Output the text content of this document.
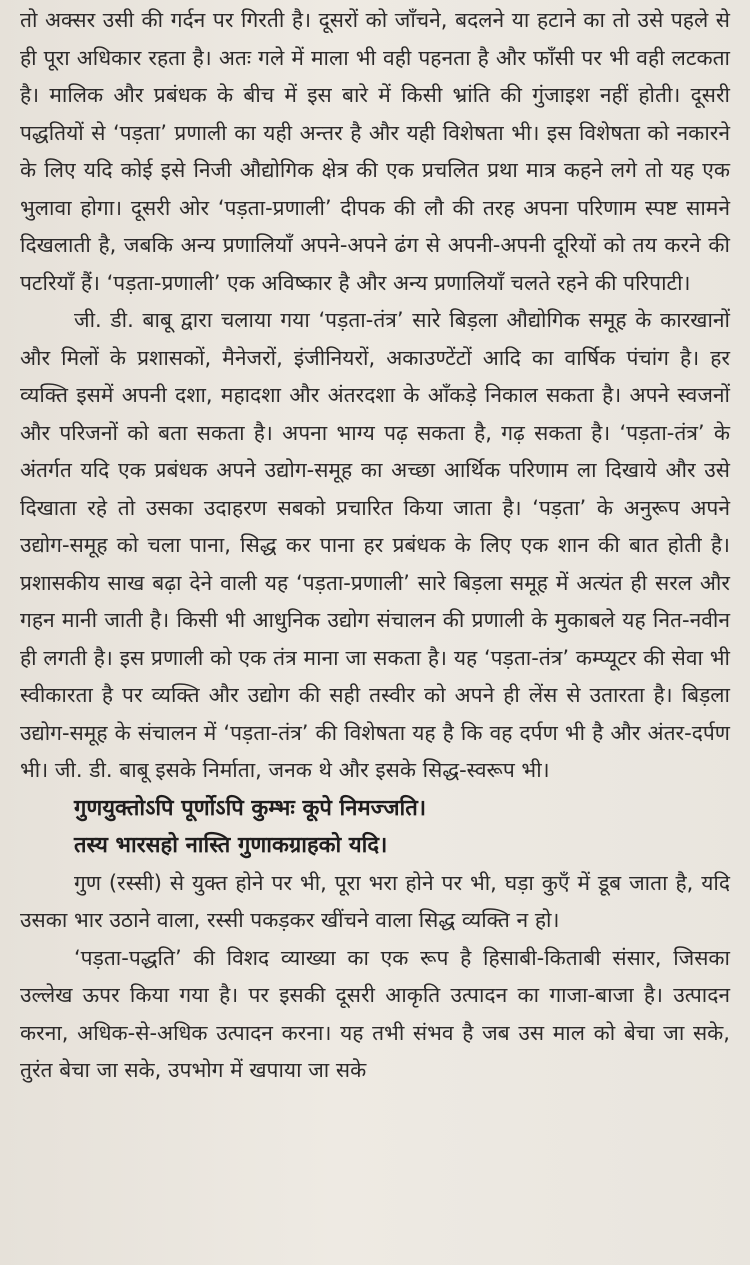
तो अक्सर उसी की गर्दन पर गिरती है। दूसरों को जाँचने, बदलने या हटाने का तो उसे पहले से ही पूरा अधिकार रहता है। अतः गले में माला भी वही पहनता है और फाँसी पर भी वही लटकता है। मालिक और प्रबंधक के बीच में इस बारे में किसी भ्रांति की गुंजाइश नहीं होती। दूसरी पद्धतियों से ‘पड़ता’ प्रणाली का यही अन्तर है और यही विशेषता भी। इस विशेषता को नकारने के लिए यदि कोई इसे निजी औद्योगिक क्षेत्र की एक प्रचलित प्रथा मात्र कहने लगे तो यह एक भुलावा होगा। दूसरी ओर ‘पड़ता-प्रणाली’ दीपक की लौ की तरह अपना परिणाम स्पष्ट सामने दिखलाती है, जबकि अन्य प्रणालियाँ अपने-अपने ढंग से अपनी-अपनी दूरियों को तय करने की पटरियाँ हैं। ‘पड़ता-प्रणाली’ एक अविष्कार है और अन्य प्रणालियाँ चलते रहने की परिपाटी।

जी. डी. बाबू द्वारा चलाया गया ‘पड़ता-तंत्र’ सारे बिड़ला औद्योगिक समूह के कारखानों और मिलों के प्रशासकों, मैनेजरों, इंजीनियरों, अकाउण्टेंटों आदि का वार्षिक पंचांग है। हर व्यक्ति इसमें अपनी दशा, महादशा और अंतरदशा के आँकड़े निकाल सकता है। अपने स्वजनों और परिजनों को बता सकता है। अपना भाग्य पढ़ सकता है, गढ़ सकता है। ‘पड़ता-तंत्र’ के अंतर्गत यदि एक प्रबंधक अपने उद्योग-समूह का अच्छा आर्थिक परिणाम ला दिखाये और उसे दिखाता रहे तो उसका उदाहरण सबको प्रचारित किया जाता है। ‘पड़ता’ के अनुरूप अपने उद्योग-समूह को चला पाना, सिद्ध कर पाना हर प्रबंधक के लिए एक शान की बात होती है। प्रशासकीय साख बढ़ा देने वाली यह ‘पड़ता-प्रणाली’ सारे बिड़ला समूह में अत्यंत ही सरल और गहन मानी जाती है। किसी भी आधुनिक उद्योग संचालन की प्रणाली के मुकाबले यह नित-नवीन ही लगती है। इस प्रणाली को एक तंत्र माना जा सकता है। यह ‘पड़ता-तंत्र’ कम्प्यूटर की सेवा भी स्वीकारता है पर व्यक्ति और उद्योग की सही तस्वीर को अपने ही लेंस से उतारता है। बिड़ला उद्योग-समूह के संचालन में ‘पड़ता-तंत्र’ की विशेषता यह है कि वह दर्पण भी है और अंतर-दर्पण भी। जी. डी. बाबू इसके निर्माता, जनक थे और इसके सिद्ध-स्वरूप भी।

गुणयुक्तोऽपि पूर्णोऽपि कुम्भः कूपे निमज्जति।
तस्य भारसहो नास्ति गुणाकग्राहको यदि।

गुण (रस्सी) से युक्त होने पर भी, पूरा भरा होने पर भी, घड़ा कुएँ में डूब जाता है, यदि उसका भार उठाने वाला, रस्सी पकड़कर खींचने वाला सिद्ध व्यक्ति न हो।

‘पड़ता-पद्धति’ की विशद व्याख्या का एक रूप है हिसाबी-किताबी संसार, जिसका उल्लेख ऊपर किया गया है। पर इसकी दूसरी आकृति उत्पादन का गाजा-बाजा है। उत्पादन करना, अधिक-से-अधिक उत्पादन करना। यह तभी संभव है जब उस माल को बेचा जा सके, तुरंत बेचा जा सके, उपभोग में खपाया जा सके
